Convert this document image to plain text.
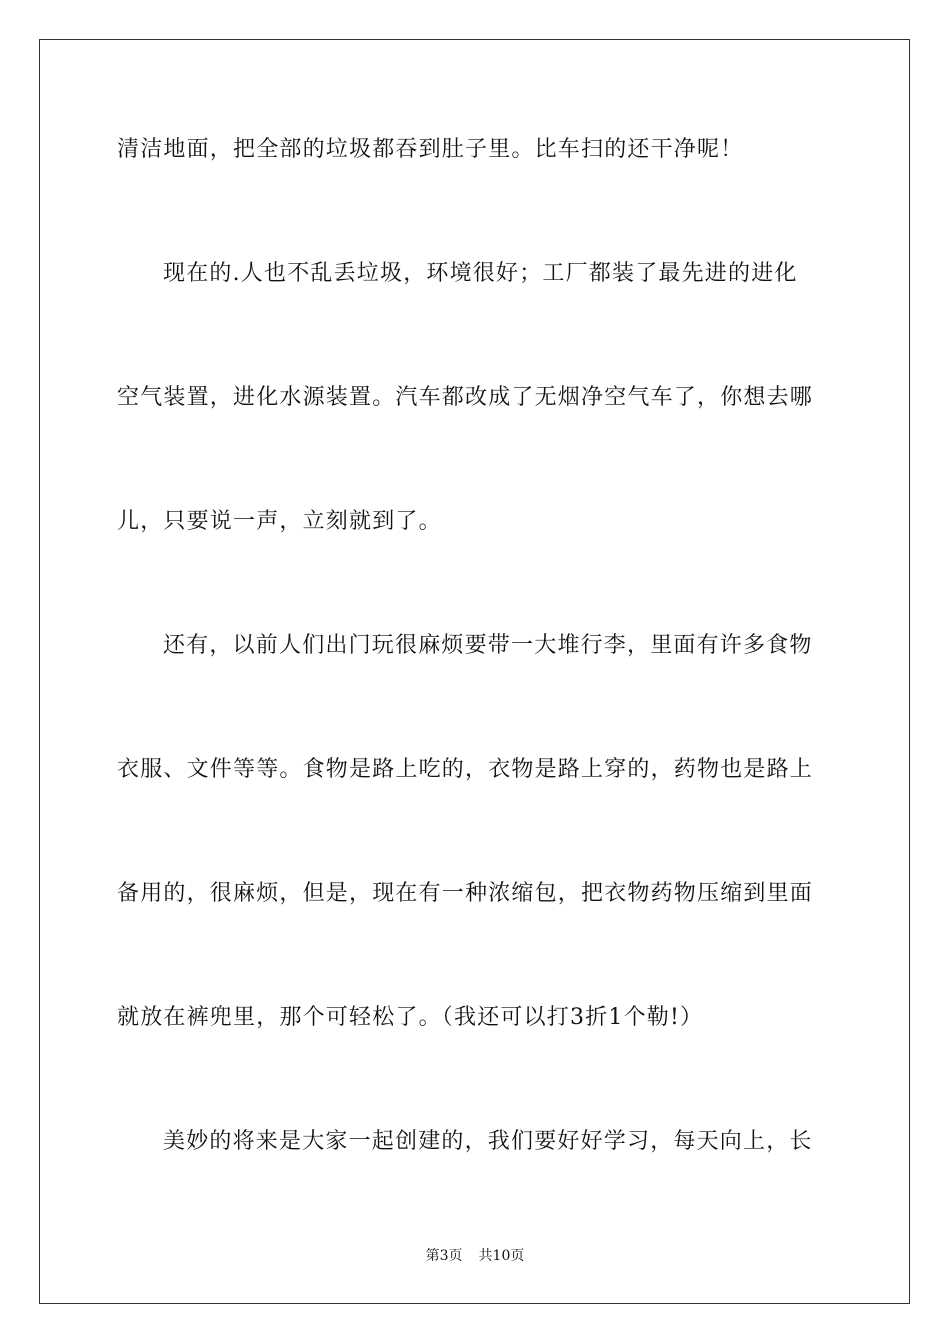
清洁地面，把全部的垃圾都吞到肚子里。比车扫的还干净呢！
现在的.人也不乱丢垃圾，环境很好；工厂都装了最先进的进化
空气装置，进化水源装置。汽车都改成了无烟净空气车了，你想去哪
儿，只要说一声，立刻就到了。
还有，以前人们出门玩很麻烦要带一大堆行李，里面有许多食物
衣服、文件等等。食物是路上吃的，衣物是路上穿的，药物也是路上
备用的，很麻烦，但是，现在有一种浓缩包，把衣物药物压缩到里面
就放在裤兜里，那个可轻松了。（我还可以打3折1个勒!）
美妙的将来是大家一起创建的，我们要好好学习，每天向上，长
第3页 共10页
